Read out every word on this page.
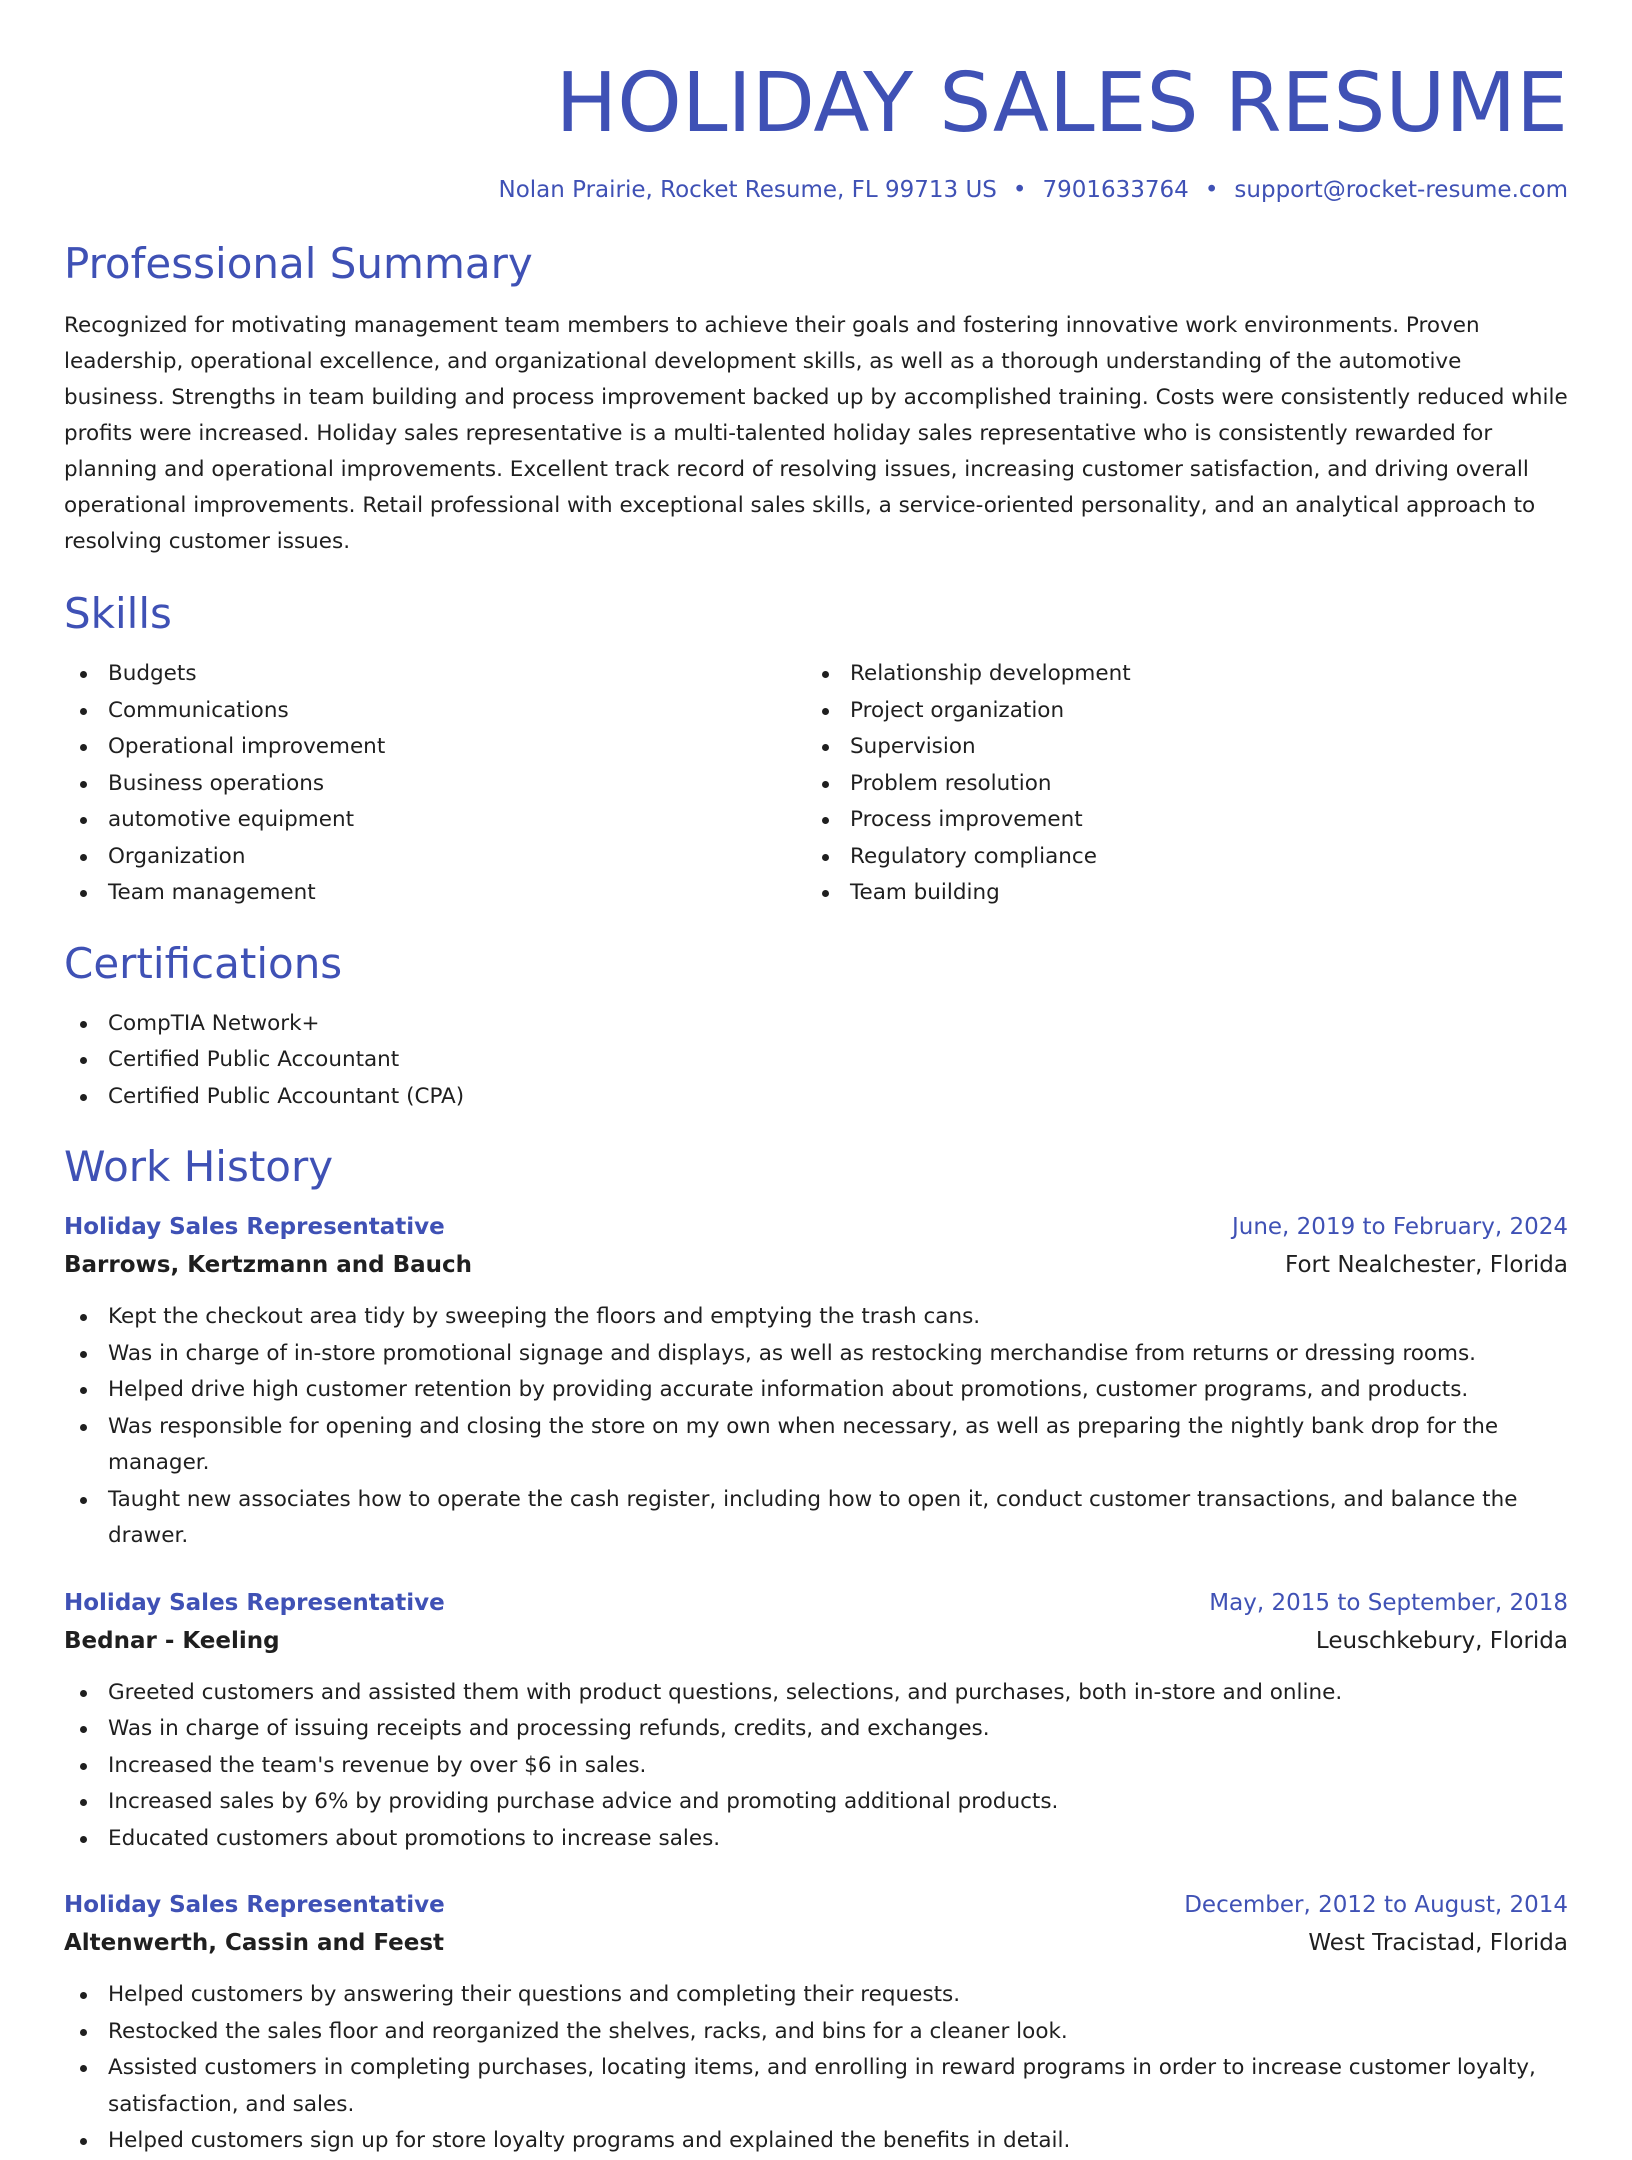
HOLIDAY SALES RESUME
Nolan Prairie, Rocket Resume, FL 99713 US • 7901633764 • support@rocket-resume.com
Professional Summary
Recognized for motivating management team members to achieve their goals and fostering innovative work environments. Proven leadership, operational excellence, and organizational development skills, as well as a thorough understanding of the automotive business. Strengths in team building and process improvement backed up by accomplished training. Costs were consistently reduced while profits were increased. Holiday sales representative is a multi-talented holiday sales representative who is consistently rewarded for planning and operational improvements. Excellent track record of resolving issues, increasing customer satisfaction, and driving overall operational improvements. Retail professional with exceptional sales skills, a service-oriented personality, and an analytical approach to resolving customer issues.
Skills
Budgets
Communications
Operational improvement
Business operations
automotive equipment
Organization
Team management
Relationship development
Project organization
Supervision
Problem resolution
Process improvement
Regulatory compliance
Team building
Certifications
CompTIA Network+
Certified Public Accountant
Certified Public Accountant (CPA)
Work History
Holiday Sales Representative	June, 2019 to February, 2024
Barrows, Kertzmann and Bauch	Fort Nealchester, Florida
Kept the checkout area tidy by sweeping the floors and emptying the trash cans.
Was in charge of in-store promotional signage and displays, as well as restocking merchandise from returns or dressing rooms.
Helped drive high customer retention by providing accurate information about promotions, customer programs, and products.
Was responsible for opening and closing the store on my own when necessary, as well as preparing the nightly bank drop for the manager.
Taught new associates how to operate the cash register, including how to open it, conduct customer transactions, and balance the drawer.
Holiday Sales Representative	May, 2015 to September, 2018
Bednar - Keeling	Leuschkebury, Florida
Greeted customers and assisted them with product questions, selections, and purchases, both in-store and online.
Was in charge of issuing receipts and processing refunds, credits, and exchanges.
Increased the team's revenue by over $6 in sales.
Increased sales by 6% by providing purchase advice and promoting additional products.
Educated customers about promotions to increase sales.
Holiday Sales Representative	December, 2012 to August, 2014
Altenwerth, Cassin and Feest	West Tracistad, Florida
Helped customers by answering their questions and completing their requests.
Restocked the sales floor and reorganized the shelves, racks, and bins for a cleaner look.
Assisted customers in completing purchases, locating items, and enrolling in reward programs in order to increase customer loyalty, satisfaction, and sales.
Helped customers sign up for store loyalty programs and explained the benefits in detail.
